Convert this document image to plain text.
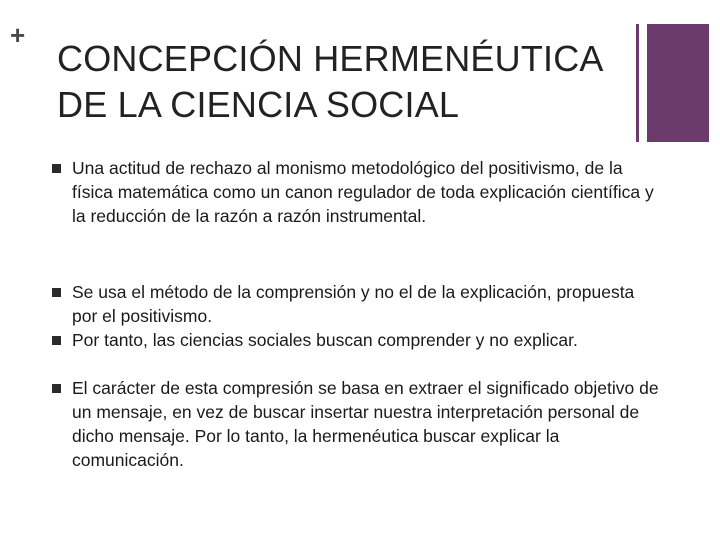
+
CONCEPCIÓN HERMENÉUTICA
DE LA CIENCIA SOCIAL
Una actitud de rechazo al monismo metodológico del positivismo, de la física matemática como un canon regulador de toda explicación científica y la reducción de la razón a razón instrumental.
Se usa el método de la comprensión y no el de la explicación, propuesta por el positivismo.
Por tanto, las ciencias sociales buscan comprender y no explicar.
El carácter de esta compresión se basa en extraer el significado objetivo de un mensaje, en vez de buscar insertar nuestra interpretación personal de dicho mensaje. Por lo tanto, la hermenéutica buscar explicar la comunicación.
